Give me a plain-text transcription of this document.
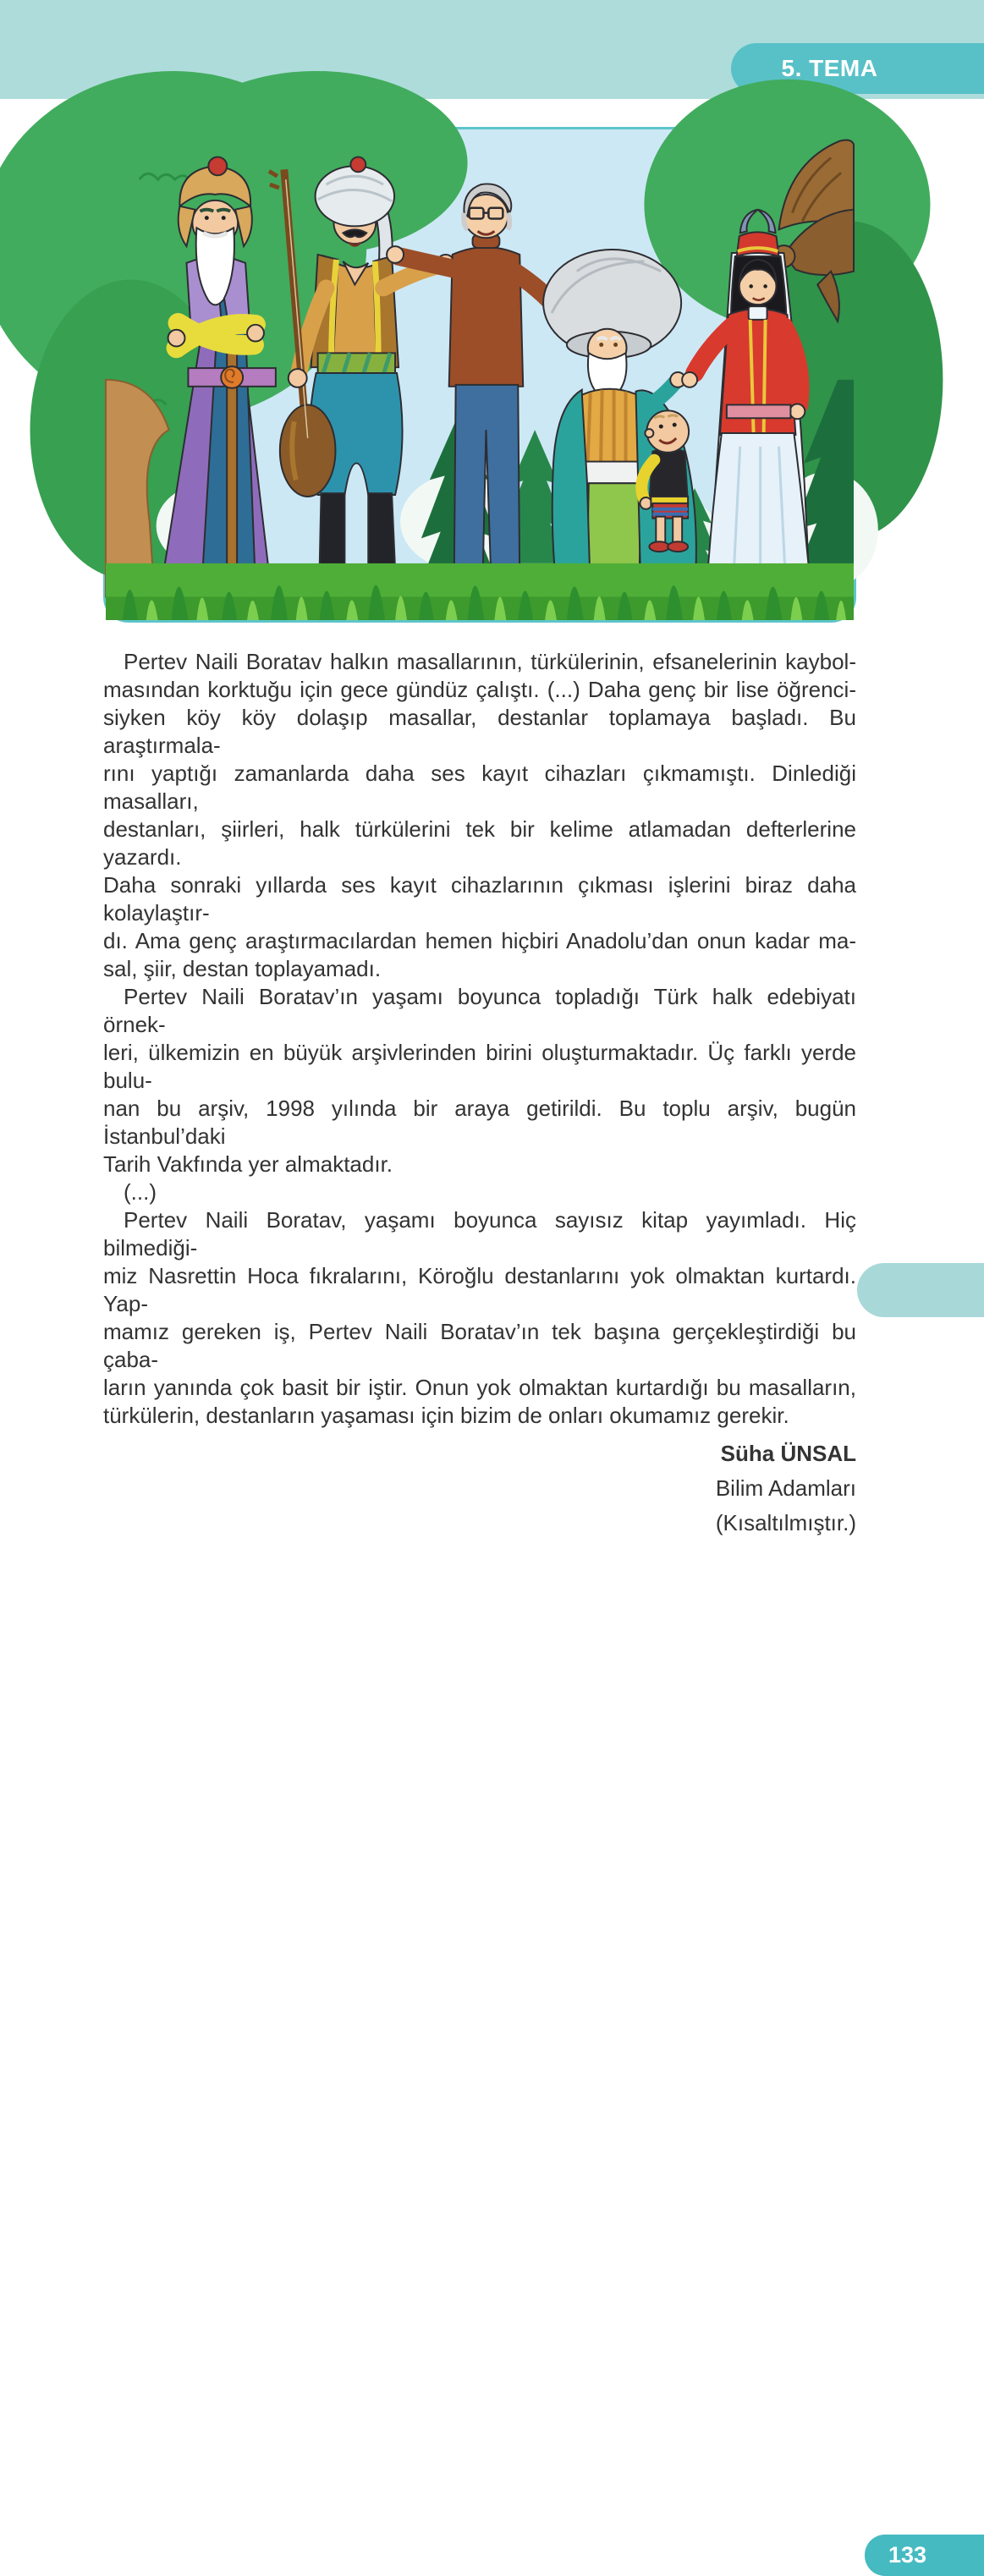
5. TEMA
Pertev Naili Boratav halkın masallarının, türkülerinin, efsanelerinin kaybol-
masından korktuğu için gece gündüz çalıştı. (...) Daha genç bir lise öğrenci-
siyken köy köy dolaşıp masallar, destanlar toplamaya başladı. Bu araştırmala-
rını yaptığı zamanlarda daha ses kayıt cihazları çıkmamıştı. Dinlediği masalları,
destanları, şiirleri, halk türkülerini tek bir kelime atlamadan defterlerine yazardı.
Daha sonraki yıllarda ses kayıt cihazlarının çıkması işlerini biraz daha kolaylaştır-
dı. Ama genç araştırmacılardan hemen hiçbiri Anadolu’dan onun kadar ma-
sal, şiir, destan toplayamadı.
Pertev Naili Boratav’ın yaşamı boyunca topladığı Türk halk edebiyatı örnek-
leri, ülkemizin en büyük arşivlerinden birini oluşturmaktadır. Üç farklı yerde bulu-
nan bu arşiv, 1998 yılında bir araya getirildi. Bu toplu arşiv, bugün İstanbul’daki
Tarih Vakfında yer almaktadır.
(...)
Pertev Naili Boratav, yaşamı boyunca sayısız kitap yayımladı. Hiç bilmediği-
miz Nasrettin Hoca fıkralarını, Köroğlu destanlarını yok olmaktan kurtardı. Yap-
mamız gereken iş, Pertev Naili Boratav’ın tek başına gerçekleştirdiği bu çaba-
ların yanında çok basit bir iştir. Onun yok olmaktan kurtardığı bu masalların,
türkülerin, destanların yaşaması için bizim de onları okumamız gerekir.
Süha ÜNSAL
Bilim Adamları
(Kısaltılmıştır.)
133
